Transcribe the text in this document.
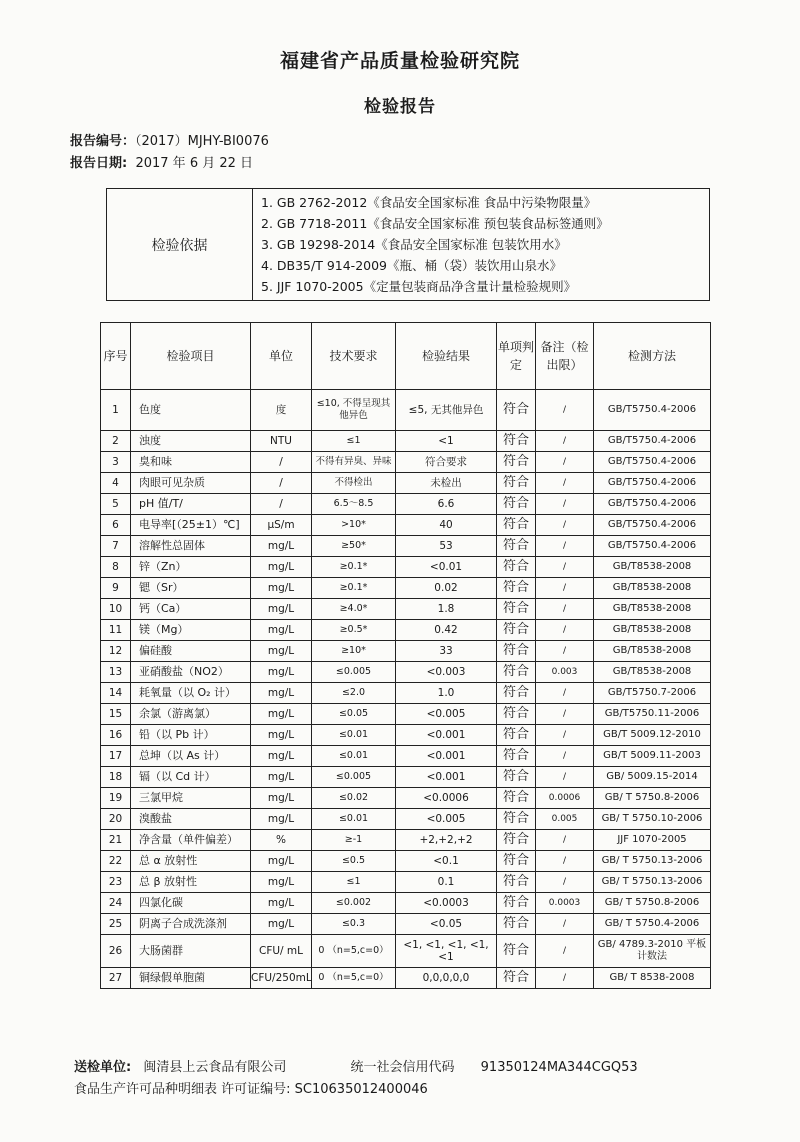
福建省产品质量检验研究院
检验报告
报告编号：（2017）MJHY-BI0076
报告日期: 2017 年 6 月 22 日
检验依据	
1. GB 2762-2012《食品安全国家标准 食品中污染物限量》
2. GB 7718-2011《食品安全国家标准 预包装食品标签通则》
3. GB 19298-2014《食品安全国家标准 包装饮用水》
4. DB35/T 914-2009《瓶、桶（袋）装饮用山泉水》
5. JJF 1070-2005《定量包装商品净含量计量检验规则》
序号	检验项目	单位	技术要求	检验结果	单项判定	备注（检出限）	检测方法
1	色度	度	≤10, 不得呈现其他异色	≤5, 无其他异色	符合	/	GB/T5750.4-2006
2	浊度	NTU	≤1	<1	符合	/	GB/T5750.4-2006
3	臭和味	/	不得有异臭、异味	符合要求	符合	/	GB/T5750.4-2006
4	肉眼可见杂质	/	不得检出	未检出	符合	/	GB/T5750.4-2006
5	pH 值/T/	/	6.5～8.5	6.6	符合	/	GB/T5750.4-2006
6	电导率[（25±1）℃]	μS/m	>10*	40	符合	/	GB/T5750.4-2006
7	溶解性总固体	mg/L	≥50*	53	符合	/	GB/T5750.4-2006
8	锌（Zn）	mg/L	≥0.1*	<0.01	符合	/	GB/T8538-2008
9	锶（Sr）	mg/L	≥0.1*	0.02	符合	/	GB/T8538-2008
10	钙（Ca）	mg/L	≥4.0*	1.8	符合	/	GB/T8538-2008
11	镁（Mg）	mg/L	≥0.5*	0.42	符合	/	GB/T8538-2008
12	偏硅酸	mg/L	≥10*	33	符合	/	GB/T8538-2008
13	亚硝酸盐（NO2）	mg/L	≤0.005	<0.003	符合	0.003	GB/T8538-2008
14	耗氧量（以 O₂ 计）	mg/L	≤2.0	1.0	符合	/	GB/T5750.7-2006
15	余氯（游离氯）	mg/L	≤0.05	<0.005	符合	/	GB/T5750.11-2006
16	铅（以 Pb 计）	mg/L	≤0.01	<0.001	符合	/	GB/T 5009.12-2010
17	总坤（以 As 计）	mg/L	≤0.01	<0.001	符合	/	GB/T 5009.11-2003
18	镉（以 Cd 计）	mg/L	≤0.005	<0.001	符合	/	GB/ 5009.15-2014
19	三氯甲烷	mg/L	≤0.02	<0.0006	符合	0.0006	GB/ T 5750.8-2006
20	溴酸盐	mg/L	≤0.01	<0.005	符合	0.005	GB/ T 5750.10-2006
21	净含量（单件偏差）	%	≥-1	+2,+2,+2	符合	/	JJF 1070-2005
22	总 α 放射性	mg/L	≤0.5	<0.1	符合	/	GB/ T 5750.13-2006
23	总 β 放射性	mg/L	≤1	0.1	符合	/	GB/ T 5750.13-2006
24	四氯化碳	mg/L	≤0.002	<0.0003	符合	0.0003	GB/ T 5750.8-2006
25	阴离子合成洗涤剂	mg/L	≤0.3	<0.05	符合	/	GB/ T 5750.4-2006
26	大肠菌群	CFU/ mL	0 （n=5,c=0）	<1, <1, <1, <1, <1	符合	/	GB/ 4789.3-2010 平板计数法
27	铜绿假单胞菌	CFU/250mL	0 （n=5,c=0）	0,0,0,0,0	符合	/	GB/ T 8538-2008
送检单位: 闽清县上云食品有限公司	统一社会信用代码 91350124MA344CGQ53
食品生产许可品种明细表 许可证编号: SC10635012400046
